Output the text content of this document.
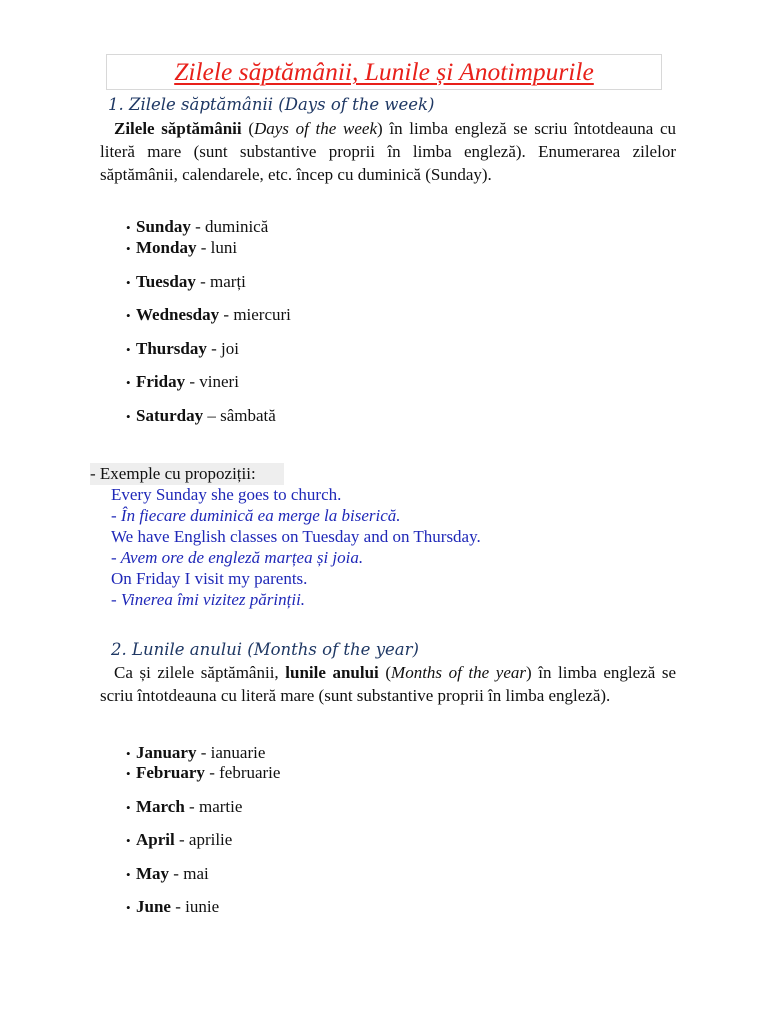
Zilele săptămânii, Lunile și Anotimpurile
1. Zilele săptămânii (Days of the week)
Zilele săptămânii (Days of the week) în limba engleză se scriu întotdeauna cu literă mare (sunt substantive proprii în limba engleză). Enumerarea zilelor săptămânii, calendarele, etc. încep cu duminică (Sunday).
• Sunday - duminică
• Monday - luni
• Tuesday - marți
• Wednesday - miercuri
• Thursday - joi
• Friday - vineri
• Saturday – sâmbată
- Exemple cu propoziții:
Every Sunday she goes to church.
- În fiecare duminică ea merge la biserică.
We have English classes on Tuesday and on Thursday.
- Avem ore de engleză marțea și joia.
On Friday I visit my parents.
- Vinerea îmi vizitez părinții.
2. Lunile anului (Months of the year)
Ca și zilele săptămânii, lunile anului (Months of the year) în limba engleză se scriu întotdeauna cu literă mare (sunt substantive proprii în limba engleză).
• January - ianuarie
• February - februarie
• March - martie
• April - aprilie
• May - mai
• June - iunie
